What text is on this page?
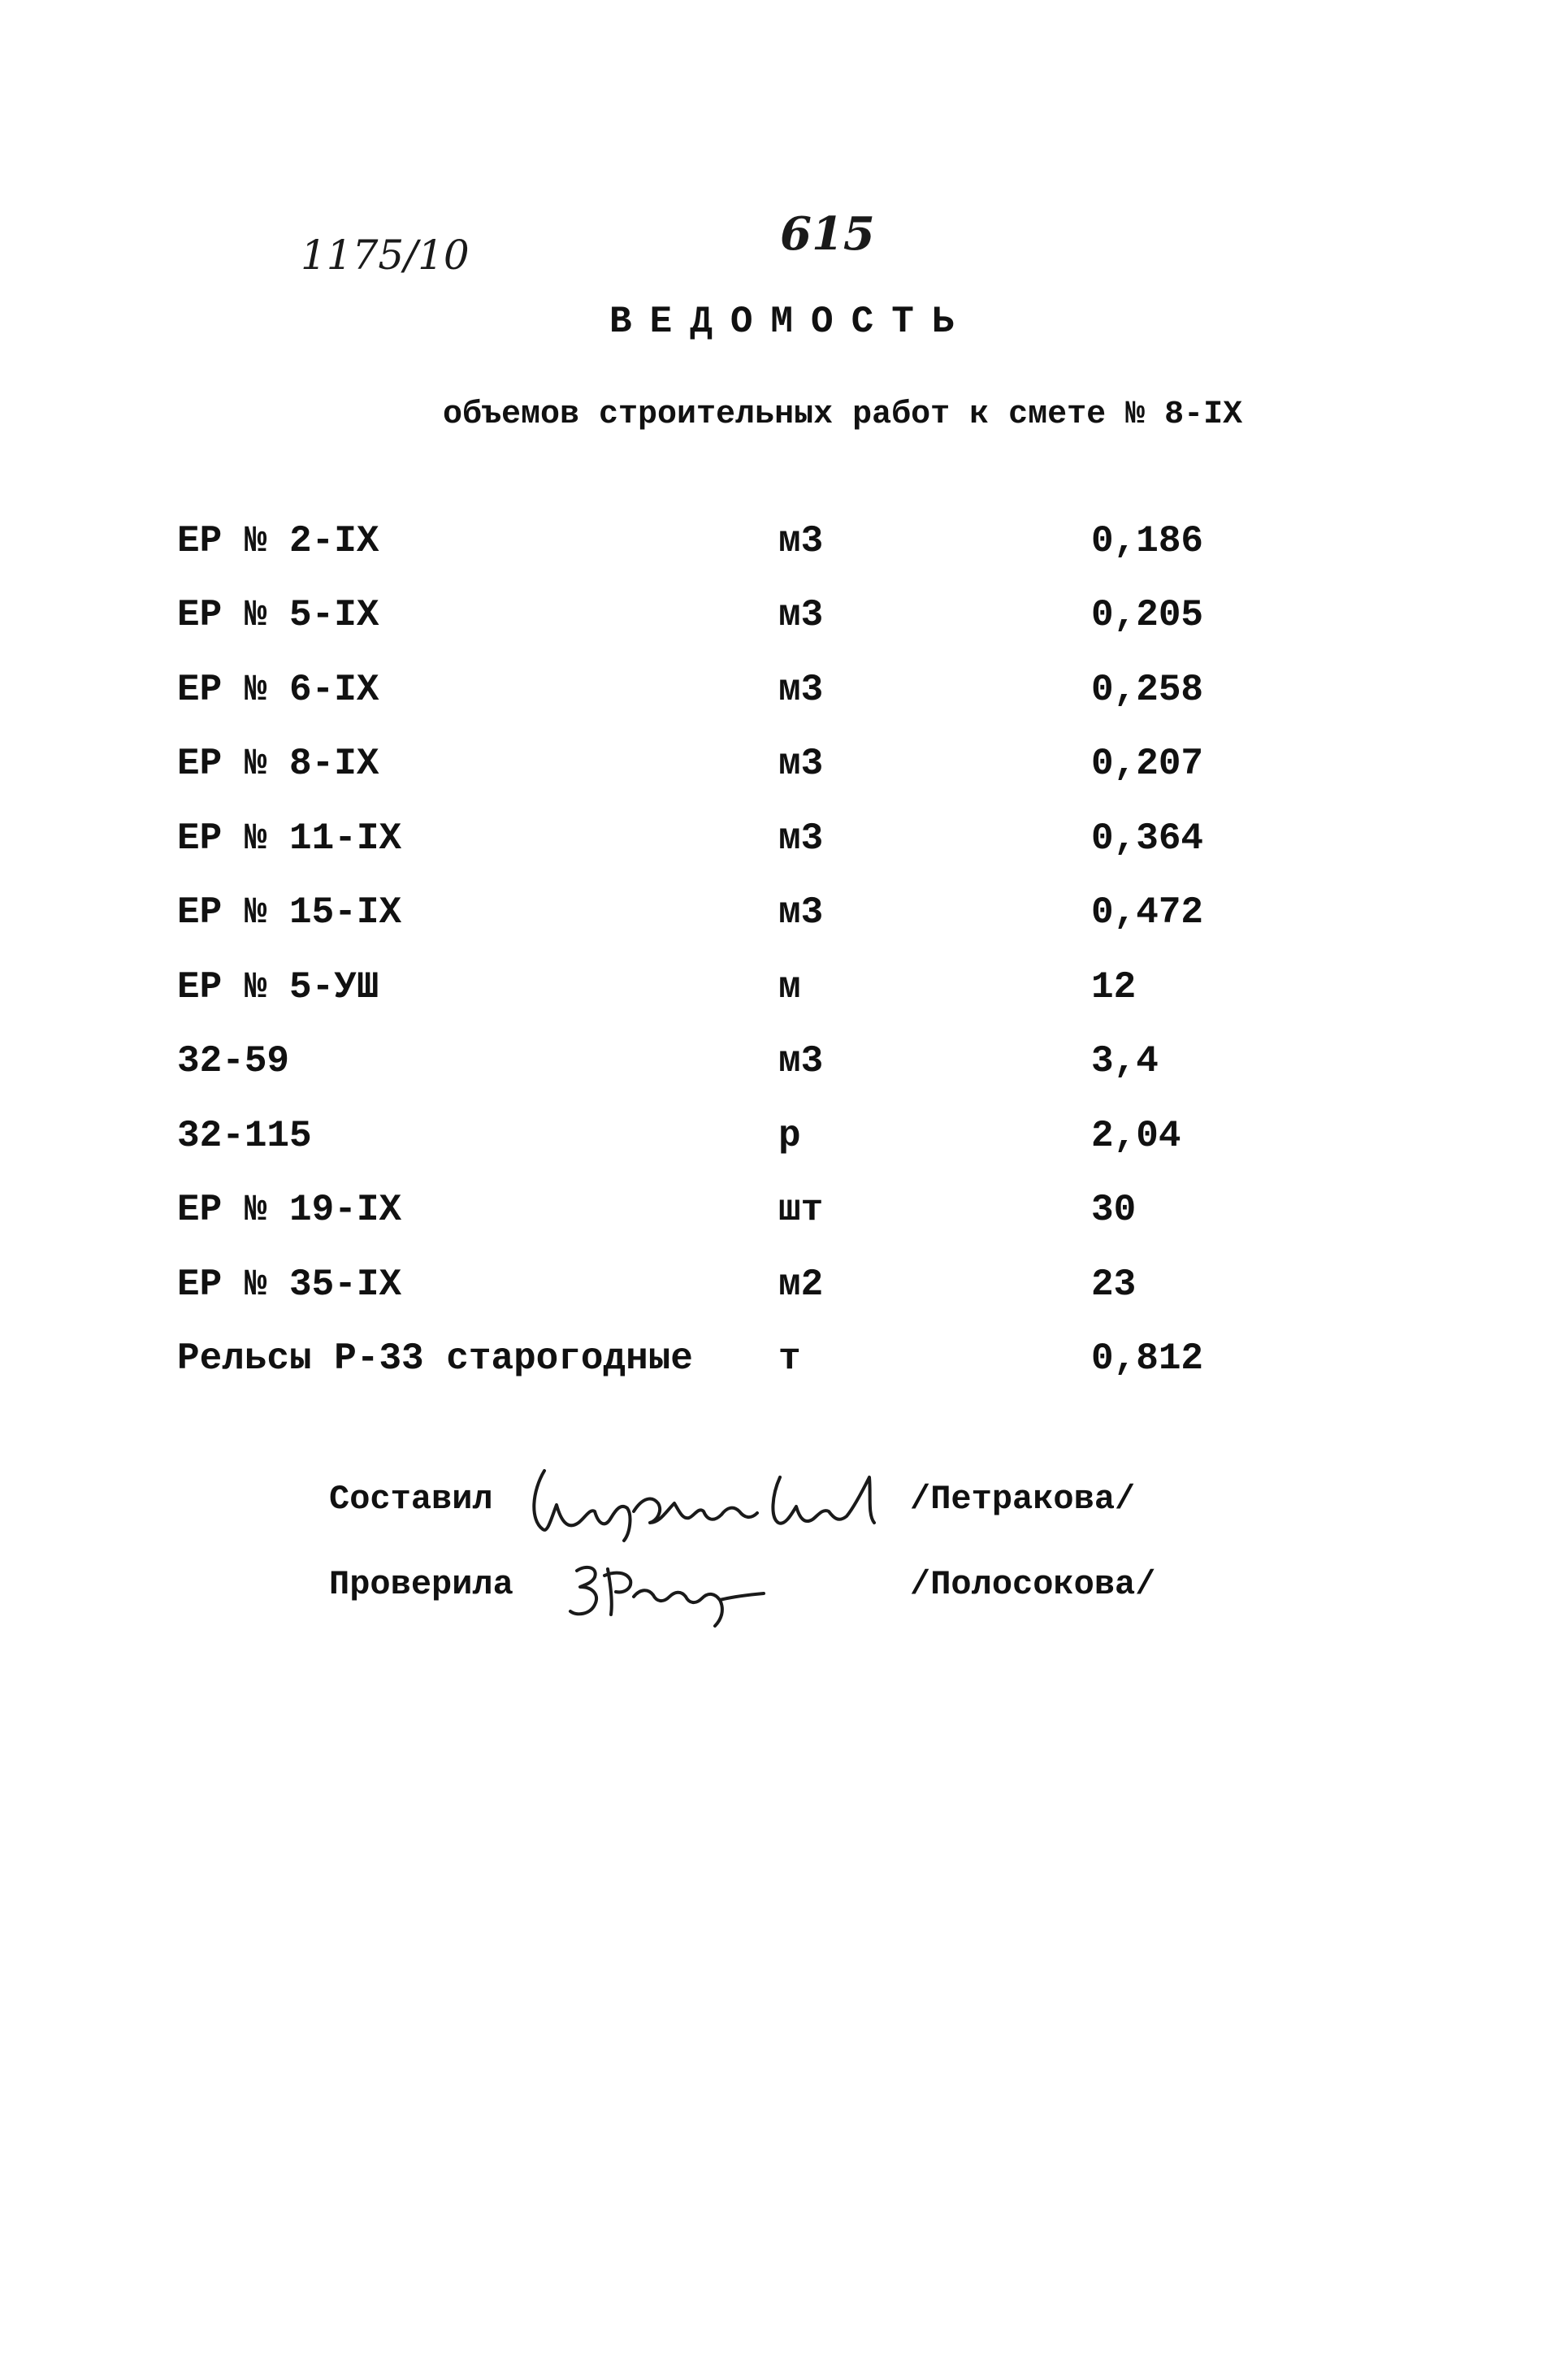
1175/10	615
ВЕДОМОСТЬ
объемов строительных работ к смете № 8-IX
ЕР № 2-IX	м3	0,186
ЕР № 5-IX	м3	0,205
ЕР № 6-IX	м3	0,258
ЕР № 8-IX	м3	0,207
ЕР № 11-IX	м3	0,364
ЕР № 15-IX	м3	0,472
ЕР № 5-УШ	м	12
32-59	м3	3,4
32-115	р	2,04
ЕР № 19-IX	шт	30
ЕР № 35-IX	м2	23
Рельсы Р-33 старогодные	т	0,812
Составил	/Петракова/
Проверила	/Полосокова/
